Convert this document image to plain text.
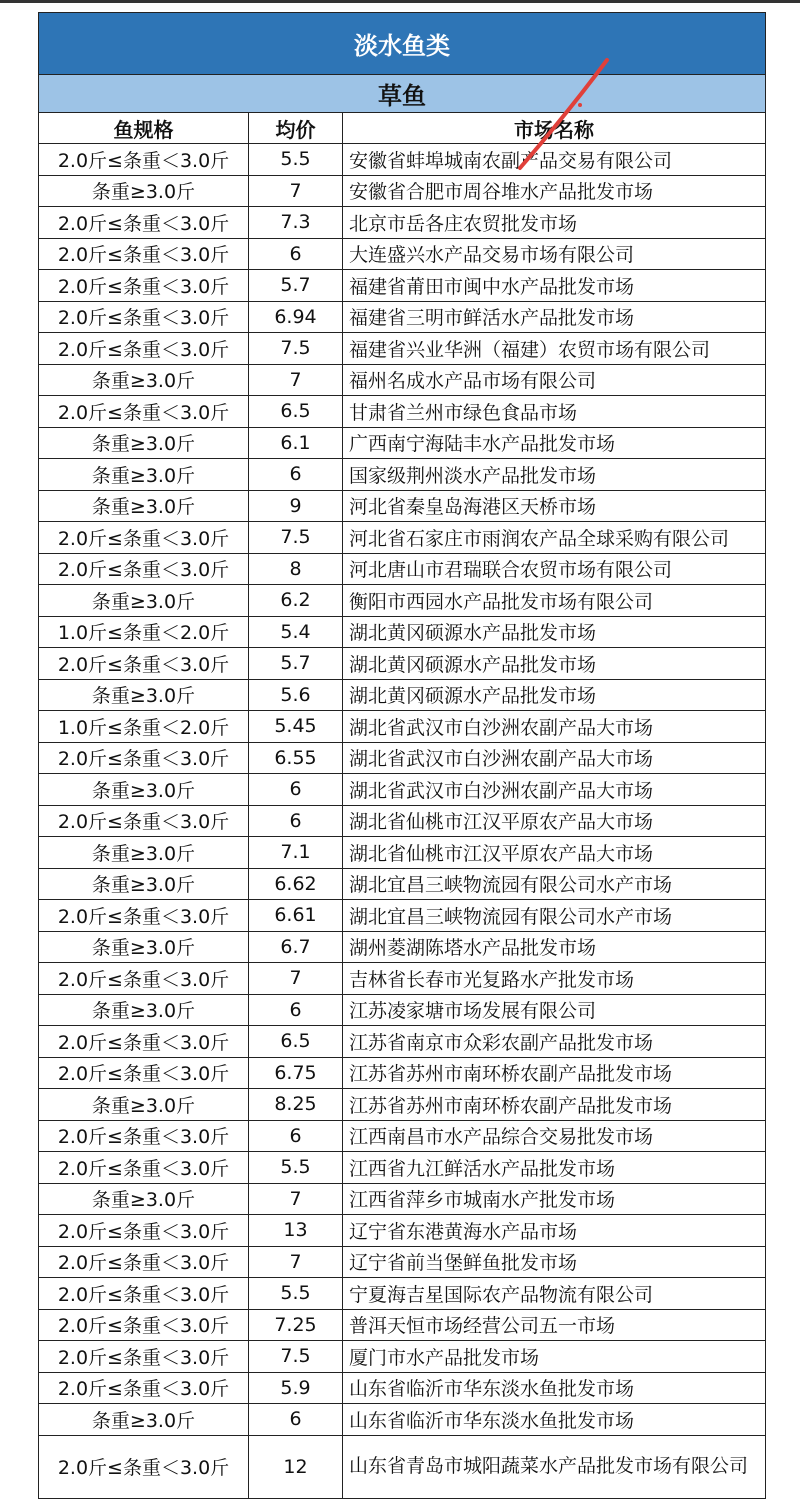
淡水鱼类		
草鱼		
鱼规格	均价	市场名称
2.0斤≤条重＜3.0斤	5.5	安徽省蚌埠城南农副产品交易有限公司
条重≥3.0斤	7	安徽省合肥市周谷堆水产品批发市场
2.0斤≤条重＜3.0斤	7.3	北京市岳各庄农贸批发市场
2.0斤≤条重＜3.0斤	6	大连盛兴水产品交易市场有限公司
2.0斤≤条重＜3.0斤	5.7	福建省莆田市闽中水产品批发市场
2.0斤≤条重＜3.0斤	6.94	福建省三明市鲜活水产品批发市场
2.0斤≤条重＜3.0斤	7.5	福建省兴业华洲（福建）农贸市场有限公司
条重≥3.0斤	7	福州名成水产品市场有限公司
2.0斤≤条重＜3.0斤	6.5	甘肃省兰州市绿色食品市场
条重≥3.0斤	6.1	广西南宁海陆丰水产品批发市场
条重≥3.0斤	6	国家级荆州淡水产品批发市场
条重≥3.0斤	9	河北省秦皇岛海港区天桥市场
2.0斤≤条重＜3.0斤	7.5	河北省石家庄市雨润农产品全球采购有限公司
2.0斤≤条重＜3.0斤	8	河北唐山市君瑞联合农贸市场有限公司
条重≥3.0斤	6.2	衡阳市西园水产品批发市场有限公司
1.0斤≤条重＜2.0斤	5.4	湖北黄冈硕源水产品批发市场
2.0斤≤条重＜3.0斤	5.7	湖北黄冈硕源水产品批发市场
条重≥3.0斤	5.6	湖北黄冈硕源水产品批发市场
1.0斤≤条重＜2.0斤	5.45	湖北省武汉市白沙洲农副产品大市场
2.0斤≤条重＜3.0斤	6.55	湖北省武汉市白沙洲农副产品大市场
条重≥3.0斤	6	湖北省武汉市白沙洲农副产品大市场
2.0斤≤条重＜3.0斤	6	湖北省仙桃市江汉平原农产品大市场
条重≥3.0斤	7.1	湖北省仙桃市江汉平原农产品大市场
条重≥3.0斤	6.62	湖北宜昌三峡物流园有限公司水产市场
2.0斤≤条重＜3.0斤	6.61	湖北宜昌三峡物流园有限公司水产市场
条重≥3.0斤	6.7	湖州菱湖陈塔水产品批发市场
2.0斤≤条重＜3.0斤	7	吉林省长春市光复路水产批发市场
条重≥3.0斤	6	江苏凌家塘市场发展有限公司
2.0斤≤条重＜3.0斤	6.5	江苏省南京市众彩农副产品批发市场
2.0斤≤条重＜3.0斤	6.75	江苏省苏州市南环桥农副产品批发市场
条重≥3.0斤	8.25	江苏省苏州市南环桥农副产品批发市场
2.0斤≤条重＜3.0斤	6	江西南昌市水产品综合交易批发市场
2.0斤≤条重＜3.0斤	5.5	江西省九江鲜活水产品批发市场
条重≥3.0斤	7	江西省萍乡市城南水产批发市场
2.0斤≤条重＜3.0斤	13	辽宁省东港黄海水产品市场
2.0斤≤条重＜3.0斤	7	辽宁省前当堡鲜鱼批发市场
2.0斤≤条重＜3.0斤	5.5	宁夏海吉星国际农产品物流有限公司
2.0斤≤条重＜3.0斤	7.25	普洱天恒市场经营公司五一市场
2.0斤≤条重＜3.0斤	7.5	厦门市水产品批发市场
2.0斤≤条重＜3.0斤	5.9	山东省临沂市华东淡水鱼批发市场
条重≥3.0斤	6	山东省临沂市华东淡水鱼批发市场
2.0斤≤条重＜3.0斤	12	山东省青岛市城阳蔬菜水产品批发市场有限公司
